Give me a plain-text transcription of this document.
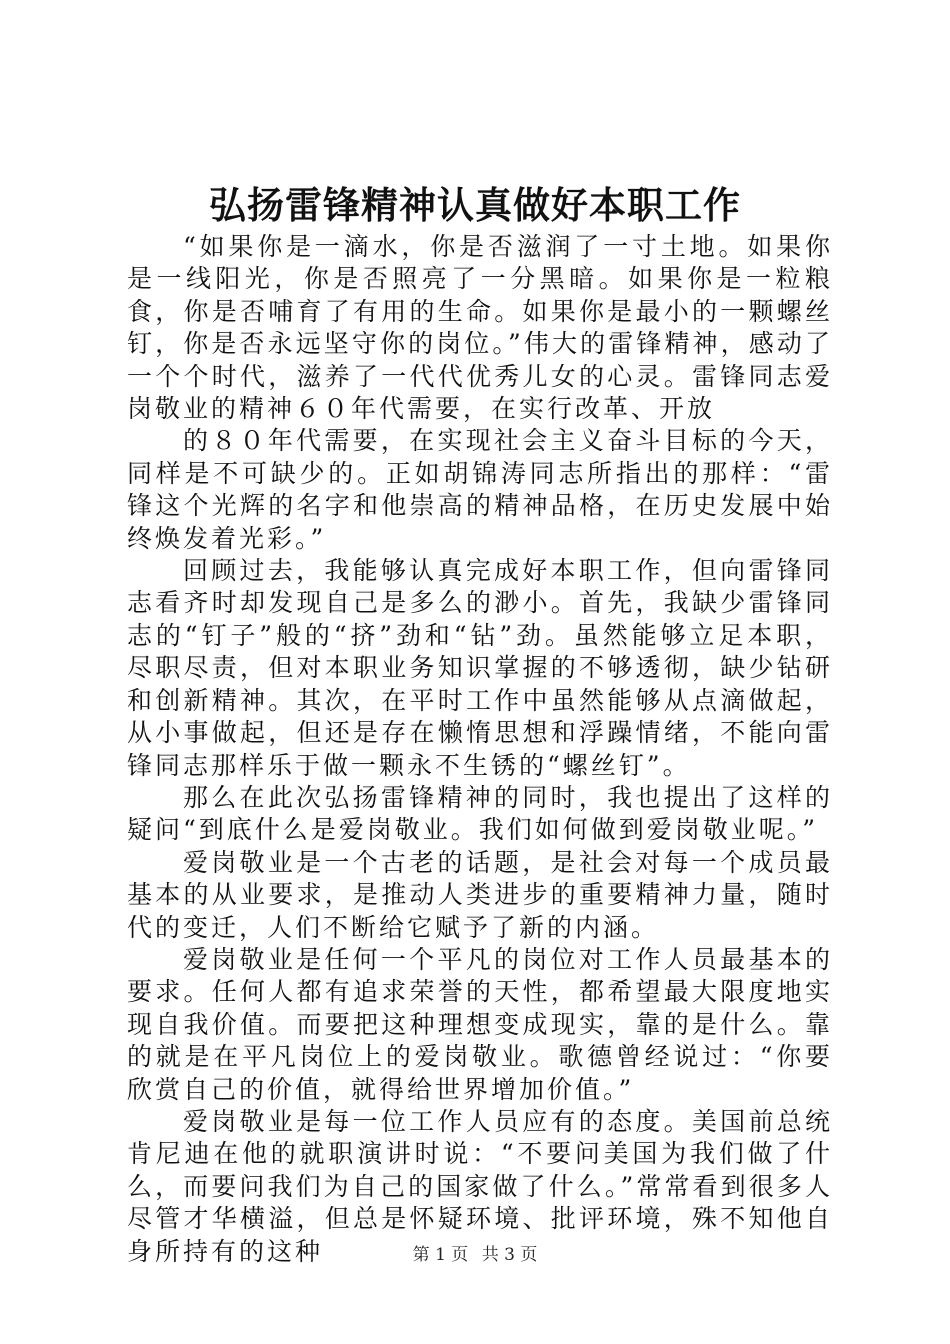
弘扬雷锋精神认真做好本职工作

“如果你是一滴水，你是否滋润了一寸土地。如果你是一线阳光，你是否照亮了一分黑暗。如果你是一粒粮食，你是否哺育了有用的生命。如果你是最小的一颗螺丝钉，你是否永远坚守你的岗位。”伟大的雷锋精神，感动了一个个时代，滋养了一代代优秀儿女的心灵。雷锋同志爱岗敬业的精神６０年代需要，在实行改革、开放

的８０年代需要，在实现社会主义奋斗目标的今天，同样是不可缺少的。正如胡锦涛同志所指出的那样：“雷锋这个光辉的名字和他崇高的精神品格，在历史发展中始终焕发着光彩。”

回顾过去，我能够认真完成好本职工作，但向雷锋同志看齐时却发现自己是多么的渺小。首先，我缺少雷锋同志的“钉子”般的“挤”劲和“钻”劲。虽然能够立足本职，尽职尽责，但对本职业务知识掌握的不够透彻，缺少钻研和创新精神。其次，在平时工作中虽然能够从点滴做起，从小事做起，但还是存在懒惰思想和浮躁情绪，不能向雷锋同志那样乐于做一颗永不生锈的“螺丝钉”。

那么在此次弘扬雷锋精神的同时，我也提出了这样的疑问“到底什么是爱岗敬业。我们如何做到爱岗敬业呢。”

爱岗敬业是一个古老的话题，是社会对每一个成员最基本的从业要求，是推动人类进步的重要精神力量，随时代的变迁，人们不断给它赋予了新的内涵。

爱岗敬业是任何一个平凡的岗位对工作人员最基本的要求。任何人都有追求荣誉的天性，都希望最大限度地实现自我价值。而要把这种理想变成现实，靠的是什么。靠的就是在平凡岗位上的爱岗敬业。歌德曾经说过：“你要欣赏自己的价值，就得给世界增加价值。”

爱岗敬业是每一位工作人员应有的态度。美国前总统肯尼迪在他的就职演讲时说：“不要问美国为我们做了什么，而要问我们为自己的国家做了什么。”常常看到很多人尽管才华横溢，但总是怀疑环境、批评环境，殊不知他自身所持有的这种	第 1 页 共 3 页
